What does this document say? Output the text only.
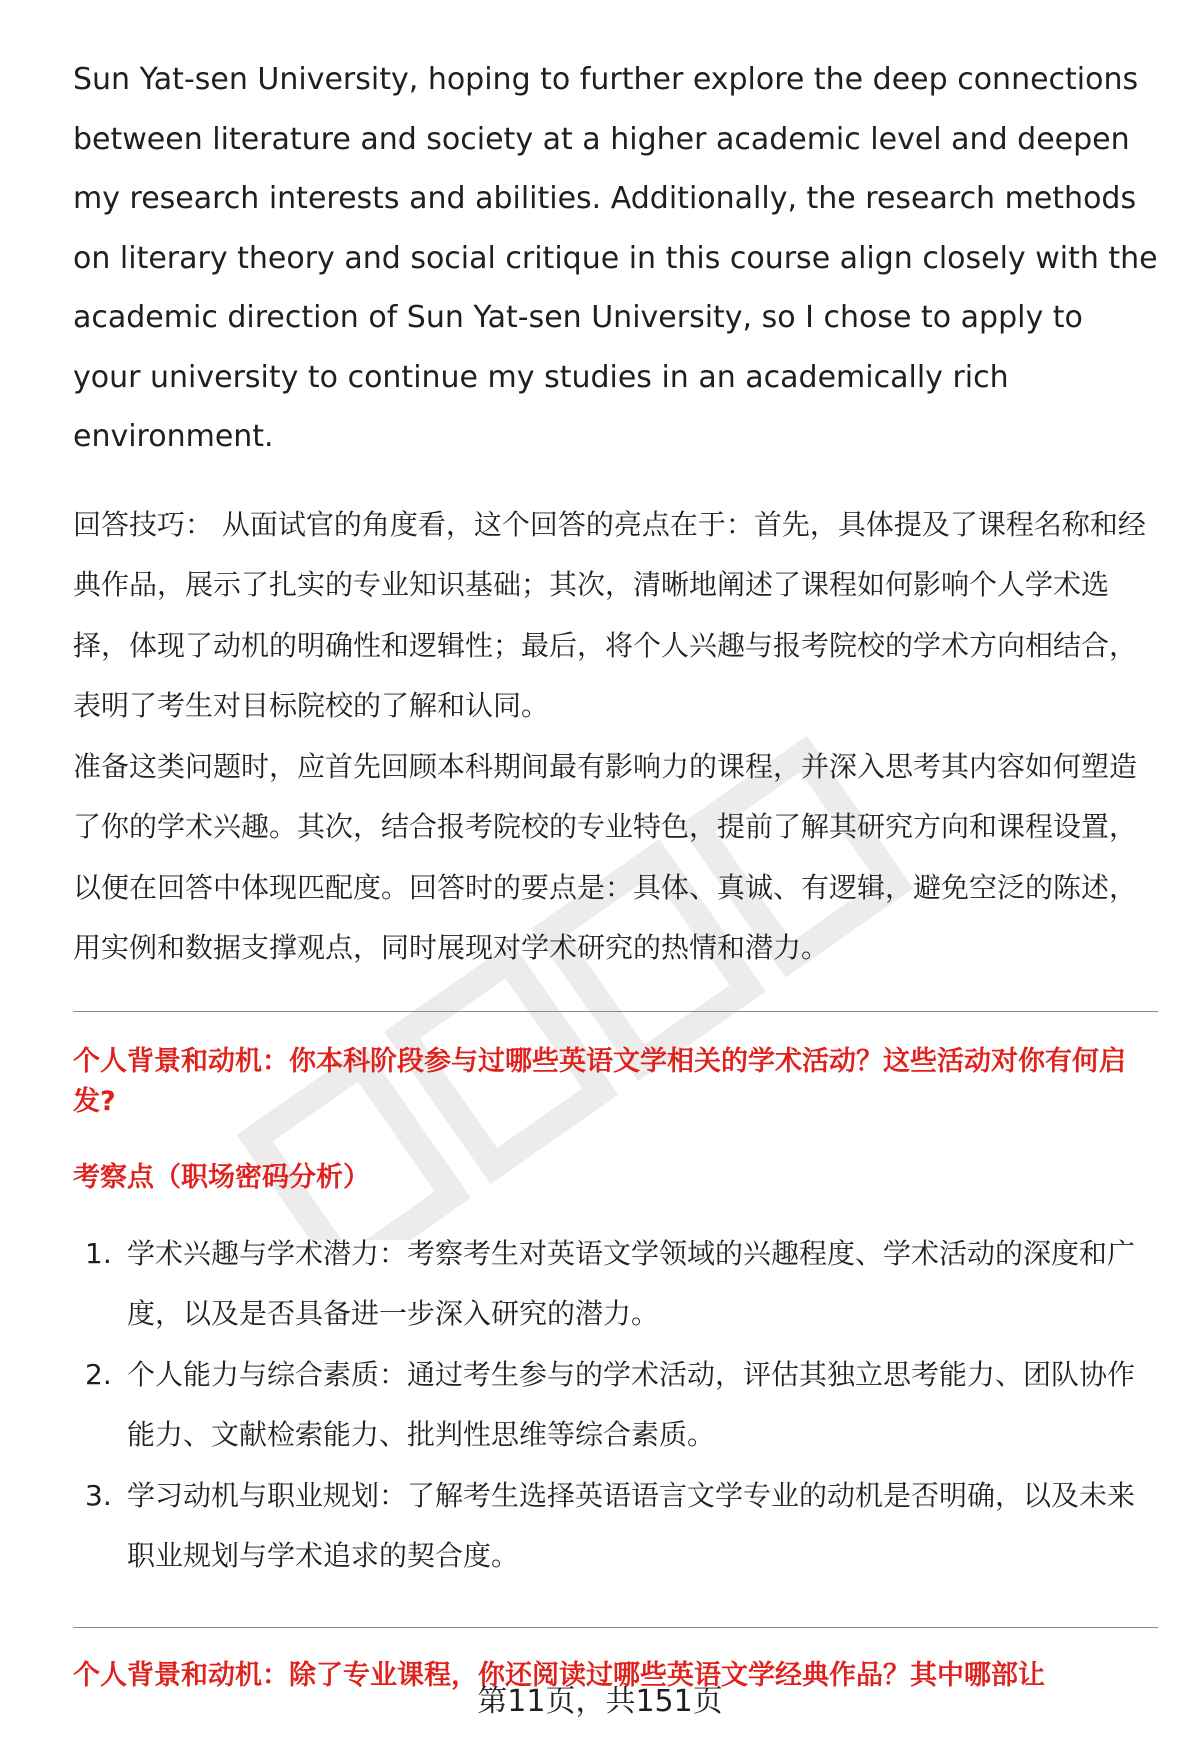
Sun Yat-sen University, hoping to further explore the deep connections between literature and society at a higher academic level and deepen my research interests and abilities. Additionally, the research methods on literary theory and social critique in this course align closely with the academic direction of Sun Yat-sen University, so I chose to apply to your university to continue my studies in an academically rich environment.

回答技巧： 从面试官的角度看，这个回答的亮点在于：首先，具体提及了课程名称和经典作品，展示了扎实的专业知识基础；其次，清晰地阐述了课程如何影响个人学术选择，体现了动机的明确性和逻辑性；最后，将个人兴趣与报考院校的学术方向相结合，表明了考生对目标院校的了解和认同。

准备这类问题时，应首先回顾本科期间最有影响力的课程，并深入思考其内容如何塑造了你的学术兴趣。其次，结合报考院校的专业特色，提前了解其研究方向和课程设置，以便在回答中体现匹配度。回答时的要点是：具体、真诚、有逻辑，避免空泛的陈述，用实例和数据支撑观点，同时展现对学术研究的热情和潜力。

个人背景和动机：你本科阶段参与过哪些英语文学相关的学术活动？这些活动对你有何启发?

考察点（职场密码分析）

1. 学术兴趣与学术潜力：考察考生对英语文学领域的兴趣程度、学术活动的深度和广度，以及是否具备进一步深入研究的潜力。
2. 个人能力与综合素质：通过考生参与的学术活动，评估其独立思考能力、团队协作能力、文献检索能力、批判性思维等综合素质。
3. 学习动机与职业规划：了解考生选择英语语言文学专业的动机是否明确，以及未来职业规划与学术追求的契合度。

个人背景和动机：除了专业课程，你还阅读过哪些英语文学经典作品？其中哪部让

第11页，共151页
